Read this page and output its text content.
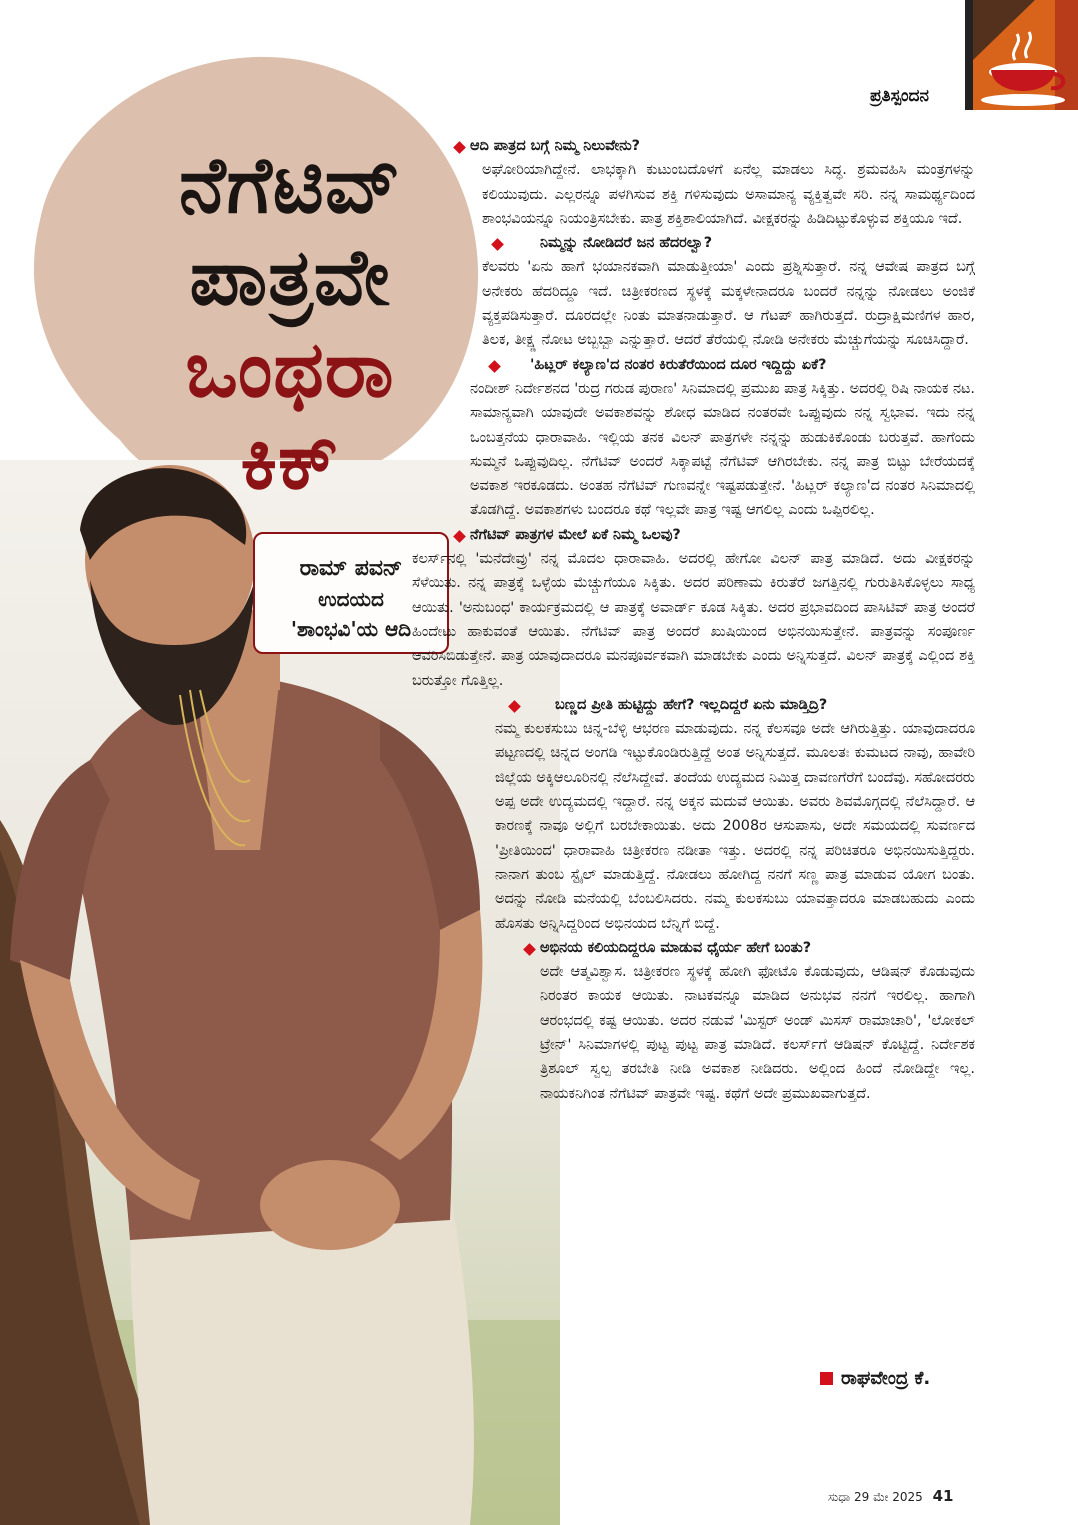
ಪ್ರತಿಸ್ಪಂದನ
ನೆಗೆಟಿವ್
ಪಾತ್ರವೇ
ಒಂಥರಾ
ಕಿಕ್
ರಾಮ್ ಪವನ್
ಉದಯದ
'ಶಾಂಭವಿ'ಯ ಆದಿ
ಆದಿ ಪಾತ್ರದ ಬಗ್ಗೆ ನಿಮ್ಮ ನಿಲುವೇನು?
ಅಘೋರಿಯಾಗಿದ್ದೇನೆ. ಲಾಭಕ್ಕಾಗಿ ಕುಟುಂಬದೊಳಗೆ ಏನೆಲ್ಲ ಮಾಡಲು ಸಿದ್ಧ. ಶ್ರಮವಹಿಸಿ ಮಂತ್ರಗಳನ್ನು ಕಲಿಯುವುದು. ಎಲ್ಲರನ್ನೂ ಪಳಗಿಸುವ ಶಕ್ತಿ ಗಳಿಸುವುದು ಅಸಾಮಾನ್ಯ ವ್ಯಕ್ತಿತ್ವವೇ ಸರಿ. ನನ್ನ ಸಾಮರ್ಥ್ಯದಿಂದ ಶಾಂಭವಿಯನ್ನೂ ನಿಯಂತ್ರಿಸಬೇಕು. ಪಾತ್ರ ಶಕ್ತಿಶಾಲಿಯಾಗಿದೆ. ವೀಕ್ಷಕರನ್ನು ಹಿಡಿದಿಟ್ಟುಕೊಳ್ಳುವ ಶಕ್ತಿಯೂ ಇದೆ.
ನಿಮ್ಮನ್ನು ನೋಡಿದರೆ ಜನ ಹೆದರಲ್ವಾ?
ಕೆಲವರು 'ಏನು ಹಾಗೆ ಭಯಾನಕವಾಗಿ ಮಾಡುತ್ತೀಯಾ' ಎಂದು ಪ್ರಶ್ನಿಸುತ್ತಾರೆ. ನನ್ನ ಆವೇಷ ಪಾತ್ರದ ಬಗ್ಗೆ ಅನೇಕರು ಹೆದರಿದ್ದೂ ಇದೆ. ಚಿತ್ರೀಕರಣದ ಸ್ಥಳಕ್ಕೆ ಮಕ್ಕಳೇನಾದರೂ ಬಂದರೆ ನನ್ನನ್ನು ನೋಡಲು ಅಂಜಿಕೆ ವ್ಯಕ್ತಪಡಿಸುತ್ತಾರೆ. ದೂರದಲ್ಲೇ ನಿಂತು ಮಾತನಾಡುತ್ತಾರೆ. ಆ ಗೆಟಪ್ ಹಾಗಿರುತ್ತದೆ. ರುದ್ರಾಕ್ಷಿಮಣಿಗಳ ಹಾರ, ತಿಲಕ, ತೀಕ್ಷ್ಣ ನೋಟ ಅಬ್ಬಬ್ಬಾ ಎನ್ನುತ್ತಾರೆ. ಆದರೆ ತೆರೆಯಲ್ಲಿ ನೋಡಿ ಅನೇಕರು ಮೆಚ್ಚುಗೆಯನ್ನು ಸೂಚಿಸಿದ್ದಾರೆ.
'ಹಿಟ್ಲರ್ ಕಲ್ಯಾಣ'ದ ನಂತರ ಕಿರುತೆರೆಯಿಂದ ದೂರ ಇದ್ದಿದ್ದು ಏಕೆ?
ನಂದೀಶ್ ನಿರ್ದೇಶನದ 'ರುದ್ರ ಗರುಡ ಪುರಾಣ' ಸಿನಿಮಾದಲ್ಲಿ ಪ್ರಮುಖ ಪಾತ್ರ ಸಿಕ್ಕಿತ್ತು. ಅದರಲ್ಲಿ ರಿಷಿ ನಾಯಕ ನಟ. ಸಾಮಾನ್ಯವಾಗಿ ಯಾವುದೇ ಅವಕಾಶವನ್ನು ಶೋಧ ಮಾಡಿದ ನಂತರವೇ ಒಪ್ಪುವುದು ನನ್ನ ಸ್ವಭಾವ. ಇದು ನನ್ನ ಒಂಬತ್ತನೆಯ ಧಾರಾವಾಹಿ. ಇಲ್ಲಿಯ ತನಕ ವಿಲನ್ ಪಾತ್ರಗಳೇ ನನ್ನನ್ನು ಹುಡುಕಿಕೊಂಡು ಬರುತ್ತವೆ. ಹಾಗೆಂದು ಸುಮ್ಮನೆ ಒಪ್ಪುವುದಿಲ್ಲ. ನೆಗೆಟಿವ್ ಅಂದರೆ ಸಿಕ್ಕಾಪಟ್ಟೆ ನೆಗೆಟಿವ್ ಆಗಿರಬೇಕು. ನನ್ನ ಪಾತ್ರ ಬಿಟ್ಟು ಬೇರೆಯದಕ್ಕೆ ಅವಕಾಶ ಇರಕೂಡದು. ಅಂತಹ ನೆಗೆಟಿವ್ ಗುಣವನ್ನೇ ಇಷ್ಟಪಡುತ್ತೇನೆ. 'ಹಿಟ್ಲರ್ ಕಲ್ಯಾಣ'ದ ನಂತರ ಸಿನಿಮಾದಲ್ಲಿ ತೊಡಗಿದ್ದೆ. ಅವಕಾಶಗಳು ಬಂದರೂ ಕಥೆ ಇಲ್ಲವೇ ಪಾತ್ರ ಇಷ್ಟ ಆಗಲಿಲ್ಲ ಎಂದು ಒಪ್ಪಿರಲಿಲ್ಲ.
ನೆಗೆಟಿವ್ ಪಾತ್ರಗಳ ಮೇಲೆ ಏಕೆ ನಿಮ್ಮ ಒಲವು?
ಕಲರ್ಸ್‌ನಲ್ಲಿ 'ಮನೆದೇವ್ರು' ನನ್ನ ಮೊದಲ ಧಾರಾವಾಹಿ. ಅದರಲ್ಲಿ ಹೇಗೋ ವಿಲನ್ ಪಾತ್ರ ಮಾಡಿದೆ. ಅದು ವೀಕ್ಷಕರನ್ನು ಸೆಳೆಯಿತು. ನನ್ನ ಪಾತ್ರಕ್ಕೆ ಒಳ್ಳೆಯ ಮೆಚ್ಚುಗೆಯೂ ಸಿಕ್ಕಿತು. ಅದರ ಪರಿಣಾಮ ಕಿರುತೆರೆ ಜಗತ್ತಿನಲ್ಲಿ ಗುರುತಿಸಿಕೊಳ್ಳಲು ಸಾಧ್ಯ ಆಯಿತು. 'ಅನುಬಂಧ' ಕಾರ್ಯಕ್ರಮದಲ್ಲಿ ಆ ಪಾತ್ರಕ್ಕೆ ಅವಾರ್ಡ್ ಕೂಡ ಸಿಕ್ಕಿತು. ಅದರ ಪ್ರಭಾವದಿಂದ ಪಾಸಿಟಿವ್ ಪಾತ್ರ ಅಂದರೆ ಹಿಂದೇಟು ಹಾಕುವಂತೆ ಆಯಿತು. ನೆಗೆಟಿವ್ ಪಾತ್ರ ಅಂದರೆ ಖುಷಿಯಿಂದ ಅಭಿನಯಿಸುತ್ತೇನೆ. ಪಾತ್ರವನ್ನು ಸಂಪೂರ್ಣ ಆವರಿಸಿಬಿಡುತ್ತೇನೆ. ಪಾತ್ರ ಯಾವುದಾದರೂ ಮನಪೂರ್ವಕವಾಗಿ ಮಾಡಬೇಕು ಎಂದು ಅನ್ನಿಸುತ್ತದೆ. ವಿಲನ್ ಪಾತ್ರಕ್ಕೆ ಎಲ್ಲಿಂದ ಶಕ್ತಿ ಬರುತ್ತೋ ಗೊತ್ತಿಲ್ಲ.
ಬಣ್ಣದ ಪ್ರೀತಿ ಹುಟ್ಟಿದ್ದು ಹೇಗೆ? ಇಲ್ಲದಿದ್ದರೆ ಏನು ಮಾಡ್ತಿದ್ರಿ?
ನಮ್ಮ ಕುಲಕಸುಬು ಚಿನ್ನ-ಬೆಳ್ಳಿ ಆಭರಣ ಮಾಡುವುದು. ನನ್ನ ಕೆಲಸವೂ ಅದೇ ಆಗಿರುತ್ತಿತ್ತು. ಯಾವುದಾದರೂ ಪಟ್ಟಣದಲ್ಲಿ ಚಿನ್ನದ ಅಂಗಡಿ ಇಟ್ಟುಕೊಂಡಿರುತ್ತಿದ್ದೆ ಅಂತ ಅನ್ನಿಸುತ್ತದೆ. ಮೂಲತಃ ಕುಮಟದ ನಾವು, ಹಾವೇರಿ ಜಿಲ್ಲೆಯ ಅಕ್ಕಿಆಲೂರಿನಲ್ಲಿ ನೆಲೆಸಿದ್ದೇವೆ. ತಂದೆಯ ಉದ್ಯಮದ ನಿಮಿತ್ತ ದಾವಣಗೆರೆಗೆ ಬಂದೆವು. ಸಹೋದರರು ಅಪ್ಪ ಅದೇ ಉದ್ಯಮದಲ್ಲಿ ಇದ್ದಾರೆ. ನನ್ನ ಅಕ್ಕನ ಮದುವೆ ಆಯಿತು. ಅವರು ಶಿವಮೊಗ್ಗದಲ್ಲಿ ನೆಲೆಸಿದ್ದಾರೆ. ಆ ಕಾರಣಕ್ಕೆ ನಾವೂ ಅಲ್ಲಿಗೆ ಬರಬೇಕಾಯಿತು. ಅದು 2008ರ ಆಸುಪಾಸು, ಅದೇ ಸಮಯದಲ್ಲಿ ಸುವರ್ಣದ 'ಪ್ರೀತಿಯಿಂದ' ಧಾರಾವಾಹಿ ಚಿತ್ರೀಕರಣ ನಡೀತಾ ಇತ್ತು. ಅದರಲ್ಲಿ ನನ್ನ ಪರಿಚಿತರೂ ಅಭಿನಯಿಸುತ್ತಿದ್ದರು. ನಾನಾಗ ತುಂಬ ಸ್ಟೈಲ್ ಮಾಡುತ್ತಿದ್ದೆ. ನೋಡಲು ಹೋಗಿದ್ದ ನನಗೆ ಸಣ್ಣ ಪಾತ್ರ ಮಾಡುವ ಯೋಗ ಬಂತು. ಅದನ್ನು ನೋಡಿ ಮನೆಯಲ್ಲಿ ಬೆಂಬಲಿಸಿದರು. ನಮ್ಮ ಕುಲಕಸುಬು ಯಾವತ್ತಾದರೂ ಮಾಡಬಹುದು ಎಂದು ಹೊಸತು ಅನ್ನಿಸಿದ್ದರಿಂದ ಅಭಿನಯದ ಬೆನ್ನಿಗೆ ಬಿದ್ದೆ.
ಅಭಿನಯ ಕಲಿಯದಿದ್ದರೂ ಮಾಡುವ ಧೈರ್ಯ ಹೇಗೆ ಬಂತು?
ಅದೇ ಆತ್ಮವಿಶ್ವಾಸ. ಚಿತ್ರೀಕರಣ ಸ್ಥಳಕ್ಕೆ ಹೋಗಿ ಫೋಟೊ ಕೊಡುವುದು, ಆಡಿಷನ್ ಕೊಡುವುದು ನಿರಂತರ ಕಾಯಕ ಆಯಿತು. ನಾಟಕವನ್ನೂ ಮಾಡಿದ ಅನುಭವ ನನಗೆ ಇರಲಿಲ್ಲ. ಹಾಗಾಗಿ ಆರಂಭದಲ್ಲಿ ಕಷ್ಟ ಆಯಿತು. ಅದರ ನಡುವೆ 'ಮಿಸ್ಟರ್ ಅಂಡ್ ಮಿಸಸ್ ರಾಮಾಚಾರಿ', 'ಲೋಕಲ್ ಟ್ರೇನ್' ಸಿನಿಮಾಗಳಲ್ಲಿ ಪುಟ್ಟ ಪುಟ್ಟ ಪಾತ್ರ ಮಾಡಿದೆ. ಕಲರ್ಸ್‌ಗೆ ಆಡಿಷನ್ ಕೊಟ್ಟಿದ್ದೆ. ನಿರ್ದೇಶಕ ತ್ರಿಶೂಲ್ ಸ್ವಲ್ಪ ತರಬೇತಿ ನೀಡಿ ಅವಕಾಶ ನೀಡಿದರು. ಅಲ್ಲಿಂದ ಹಿಂದೆ ನೋಡಿದ್ದೇ ಇಲ್ಲ. ನಾಯಕನಿಗಿಂತ ನೆಗೆಟಿವ್ ಪಾತ್ರವೇ ಇಷ್ಟ. ಕಥೆಗೆ ಅದೇ ಪ್ರಮುಖವಾಗುತ್ತದೆ.
ರಾಘವೇಂದ್ರ ಕೆ.
ಸುಧಾ 29 ಮೇ 2025 41
